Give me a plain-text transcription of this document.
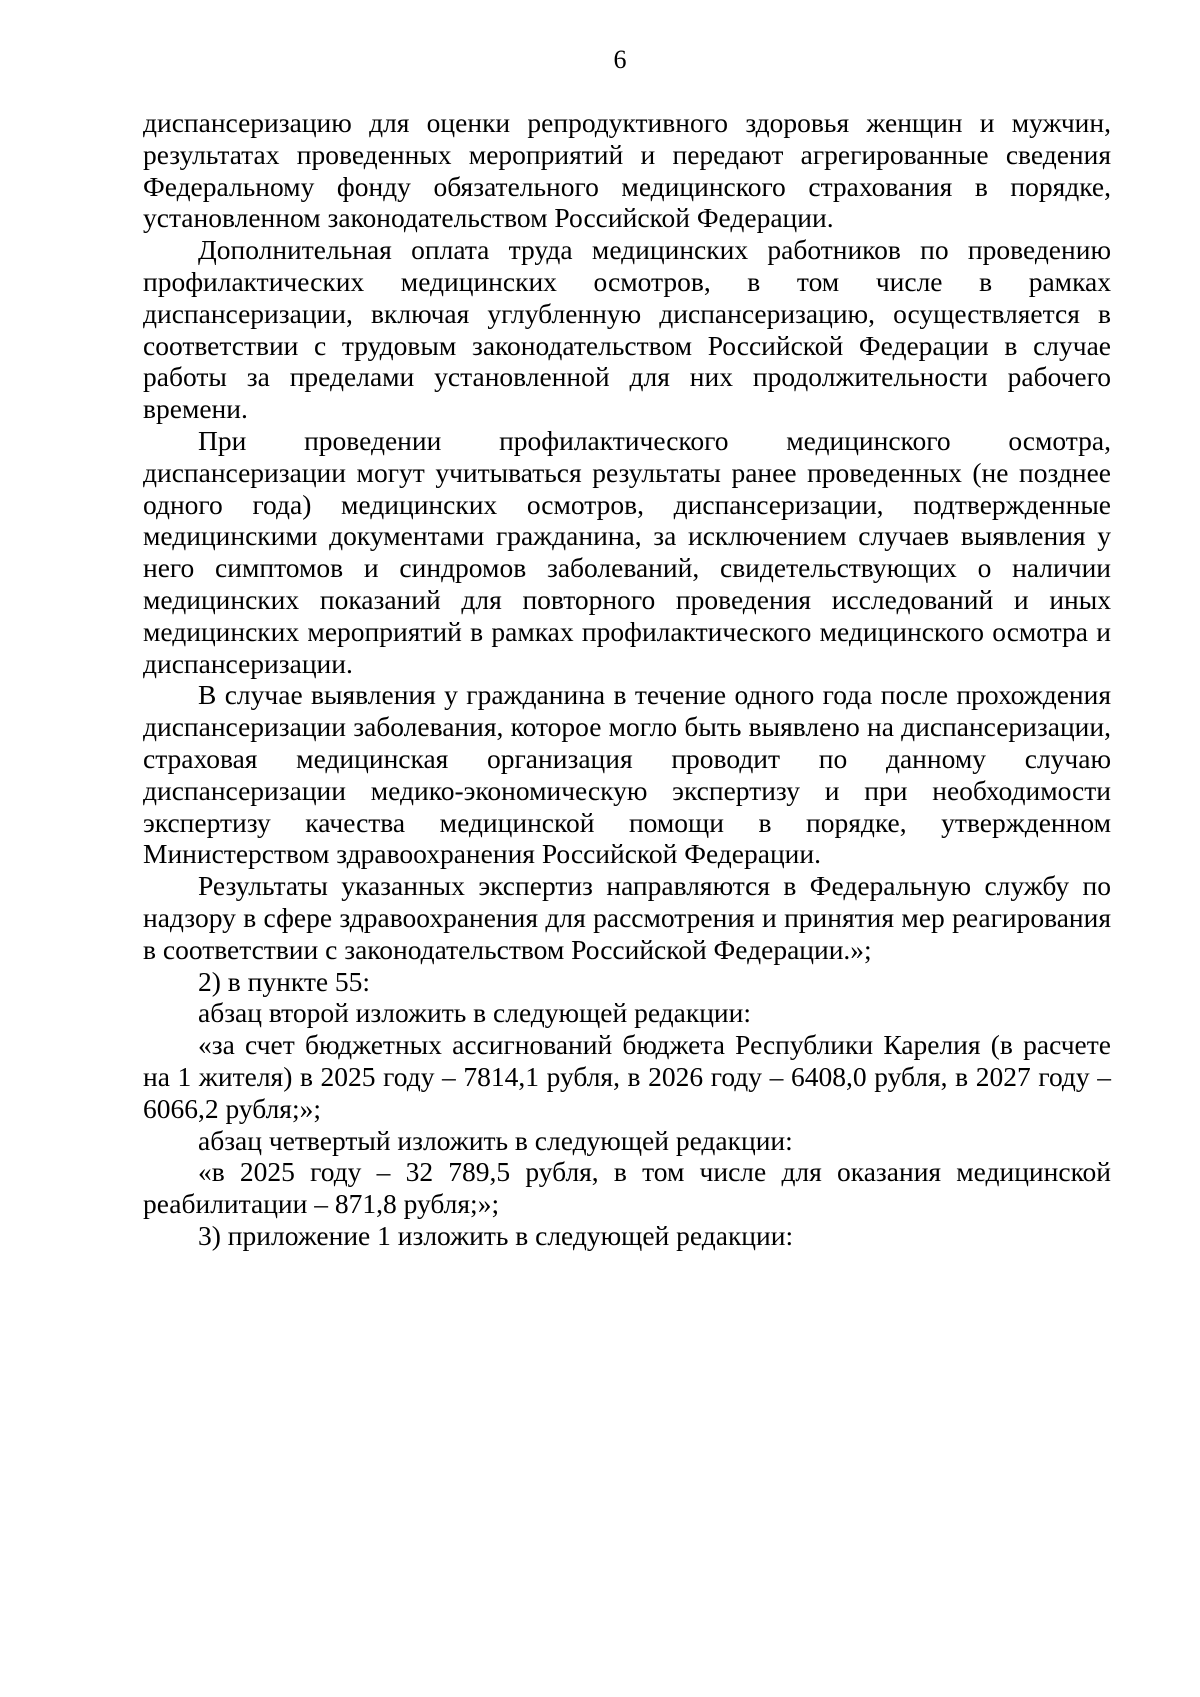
6

диспансеризацию для оценки репродуктивного здоровья женщин и мужчин, результатах проведенных мероприятий и передают агрегированные сведения Федеральному фонду обязательного медицинского страхования в порядке, установленном законодательством Российской Федерации.

Дополнительная оплата труда медицинских работников по проведению профилактических медицинских осмотров, в том числе в рамках диспансеризации, включая углубленную диспансеризацию, осуществляется в соответствии с трудовым законодательством Российской Федерации в случае работы за пределами установленной для них продолжительности рабочего времени.

При проведении профилактического медицинского осмотра, диспансеризации могут учитываться результаты ранее проведенных (не позднее одного года) медицинских осмотров, диспансеризации, подтвержденные медицинскими документами гражданина, за исключением случаев выявления у него симптомов и синдромов заболеваний, свидетельствующих о наличии медицинских показаний для повторного проведения исследований и иных медицинских мероприятий в рамках профилактического медицинского осмотра и диспансеризации.

В случае выявления у гражданина в течение одного года после прохождения диспансеризации заболевания, которое могло быть выявлено на диспансеризации, страховая медицинская организация проводит по данному случаю диспансеризации медико-экономическую экспертизу и при необходимости экспертизу качества медицинской помощи в порядке, утвержденном Министерством здравоохранения Российской Федерации.

Результаты указанных экспертиз направляются в Федеральную службу по надзору в сфере здравоохранения для рассмотрения и принятия мер реагирования в соответствии с законодательством Российской Федерации.»;

2) в пункте 55:

абзац второй изложить в следующей редакции:

«за счет бюджетных ассигнований бюджета Республики Карелия (в расчете на 1 жителя) в 2025 году – 7814,1 рубля, в 2026 году – 6408,0 рубля, в 2027 году – 6066,2 рубля;»;

абзац четвертый изложить в следующей редакции:

«в 2025 году – 32 789,5 рубля, в том числе для оказания медицинской реабилитации – 871,8 рубля;»;

3) приложение 1 изложить в следующей редакции:
